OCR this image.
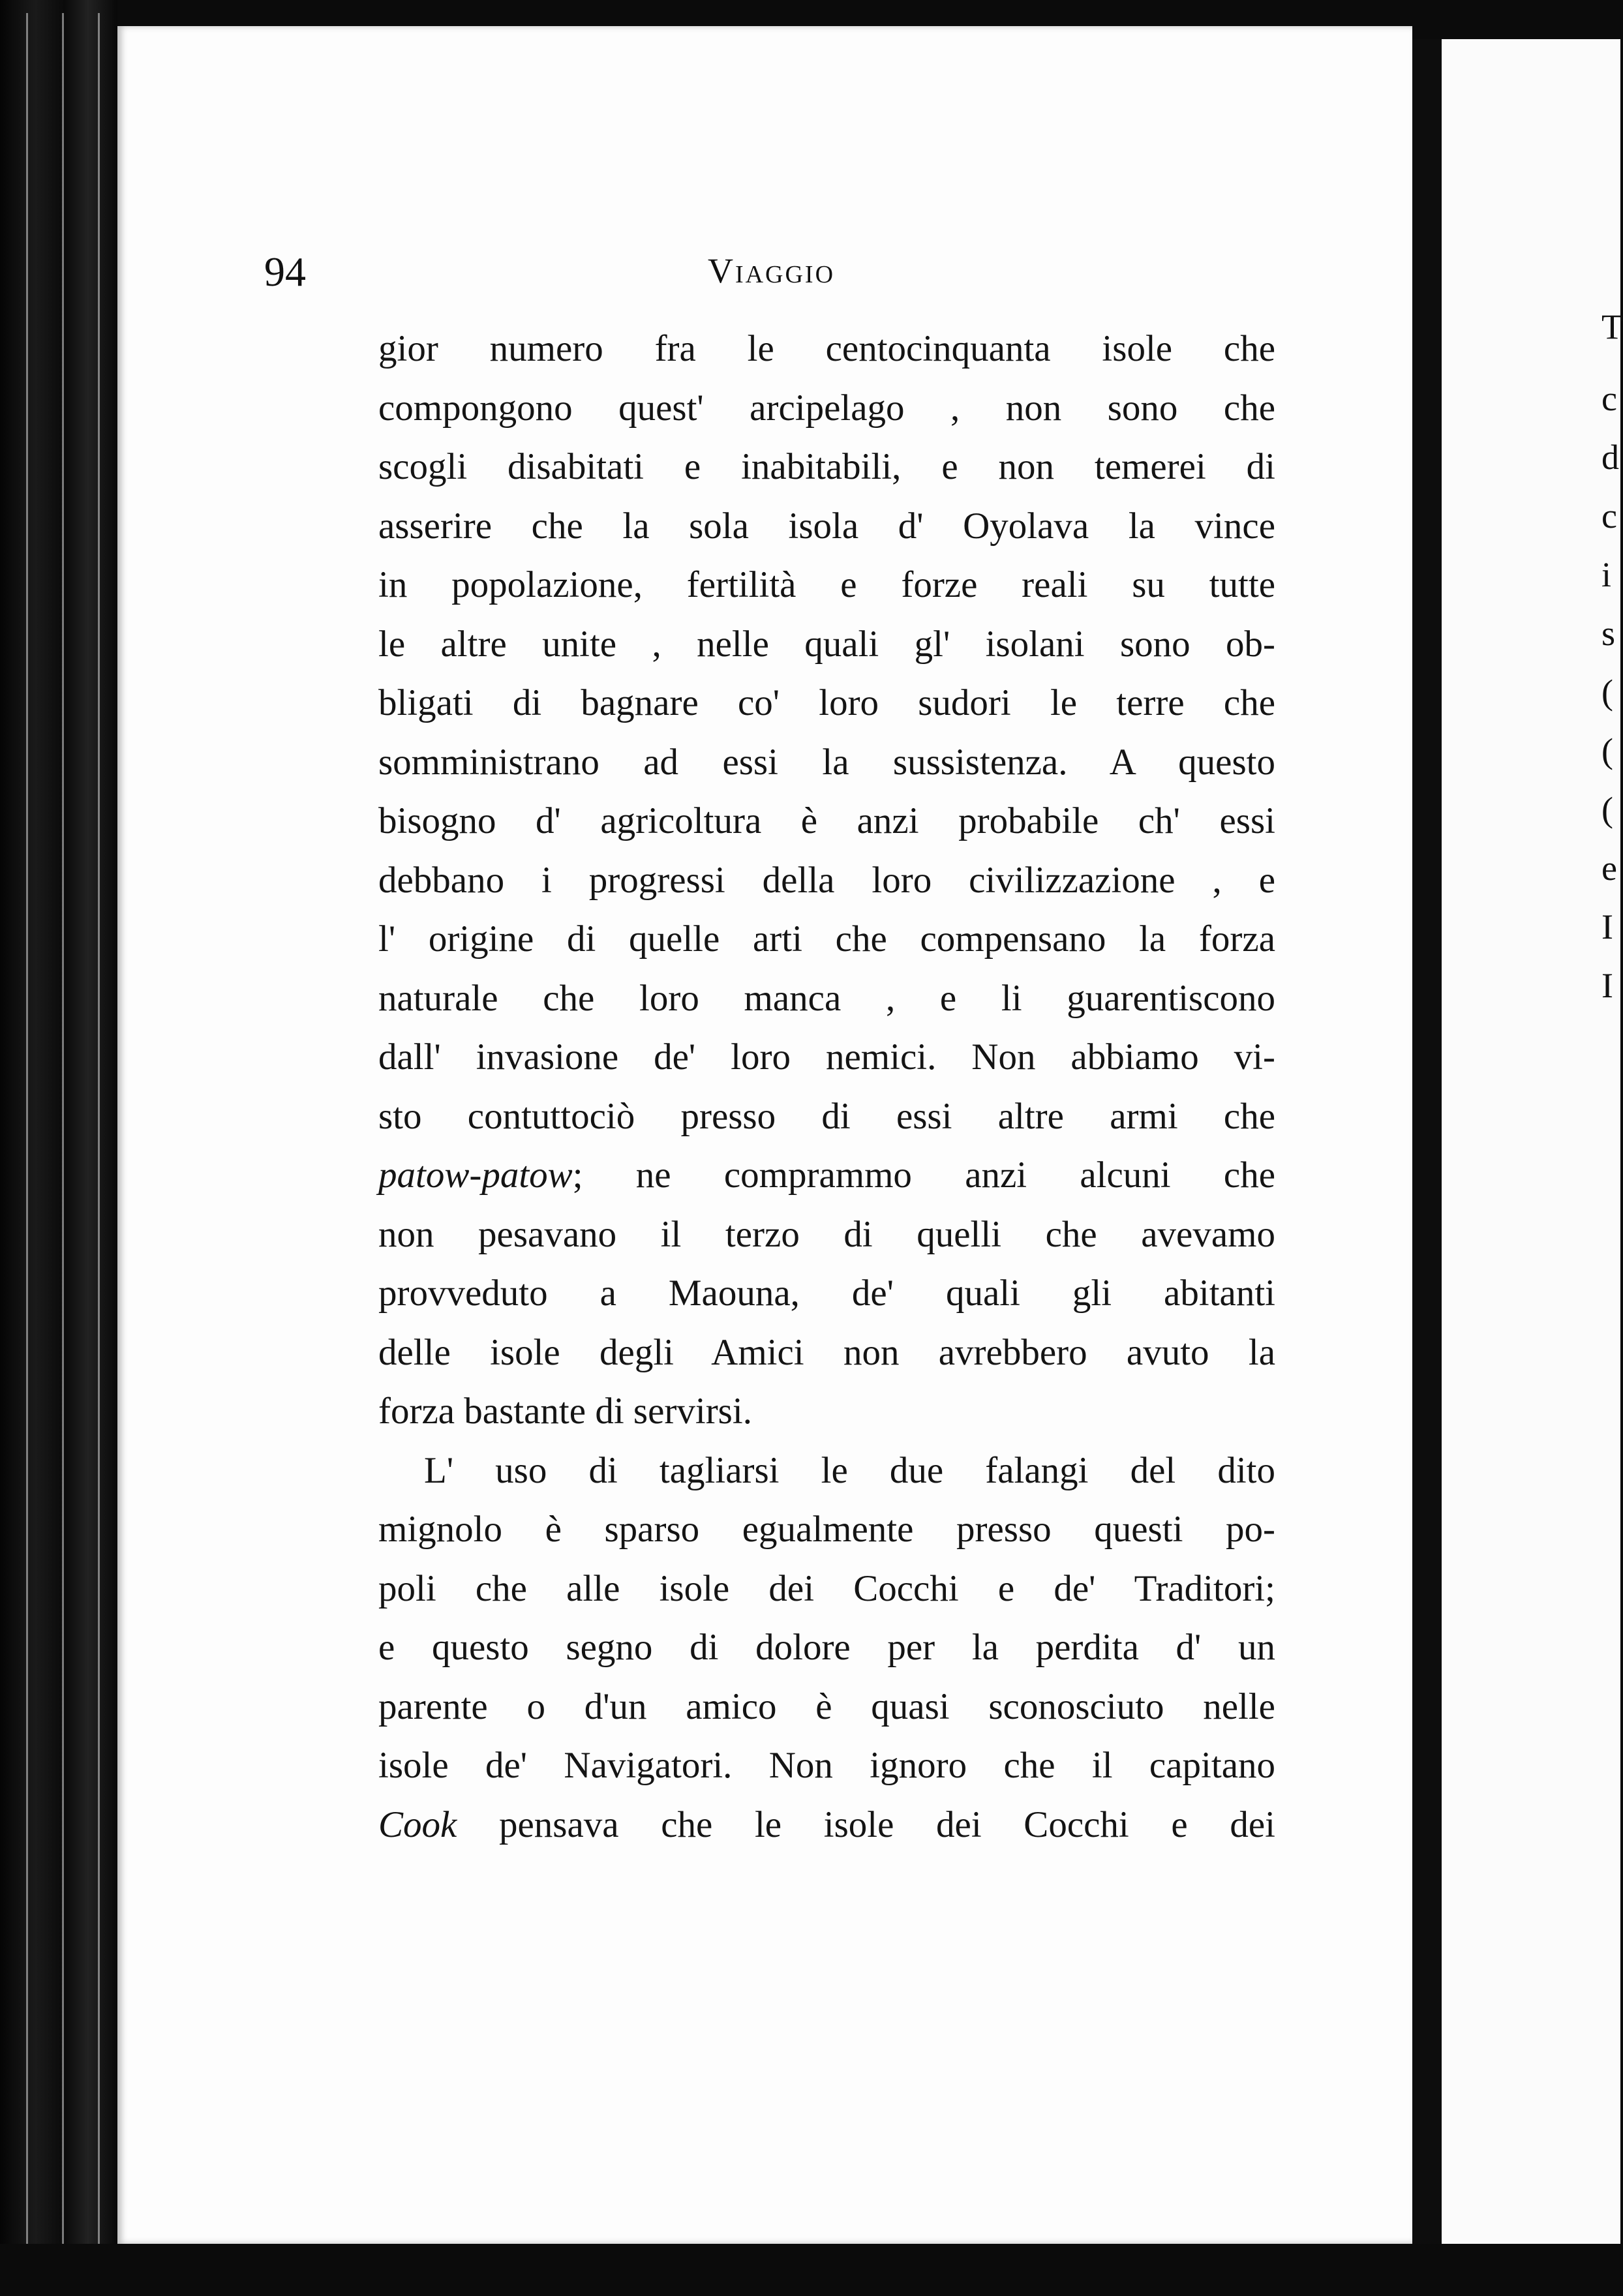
T
c
d
c
i
s
(
(
(
e
I
I
94	Viaggio
gior numero fra le centocinquanta isole che
compongono quest' arcipelago , non sono che
scogli disabitati e inabitabili, e non temerei di
asserire che la sola isola d' Oyolava la vince
in popolazione, fertilità e forze reali su tutte
le altre unite , nelle quali gl' isolani sono ob-
bligati di bagnare co' loro sudori le terre che
somministrano ad essi la sussistenza. A questo
bisogno d' agricoltura è anzi probabile ch' essi
debbano i progressi della loro civilizzazione , e
l' origine di quelle arti che compensano la forza
naturale che loro manca , e li guarentiscono
dall' invasione de' loro nemici. Non abbiamo vi-
sto contuttociò presso di essi altre armi che
patow-patow; ne comprammo anzi alcuni che
non pesavano il terzo di quelli che avevamo
provveduto a Maouna, de' quali gli abitanti
delle isole degli Amici non avrebbero avuto la
forza bastante di servirsi.
L' uso di tagliarsi le due falangi del dito
mignolo è sparso egualmente presso questi po-
poli che alle isole dei Cocchi e de' Traditori;
e questo segno di dolore per la perdita d' un
parente o d'un amico è quasi sconosciuto nelle
isole de' Navigatori. Non ignoro che il capitano
Cook pensava che le isole dei Cocchi e dei
